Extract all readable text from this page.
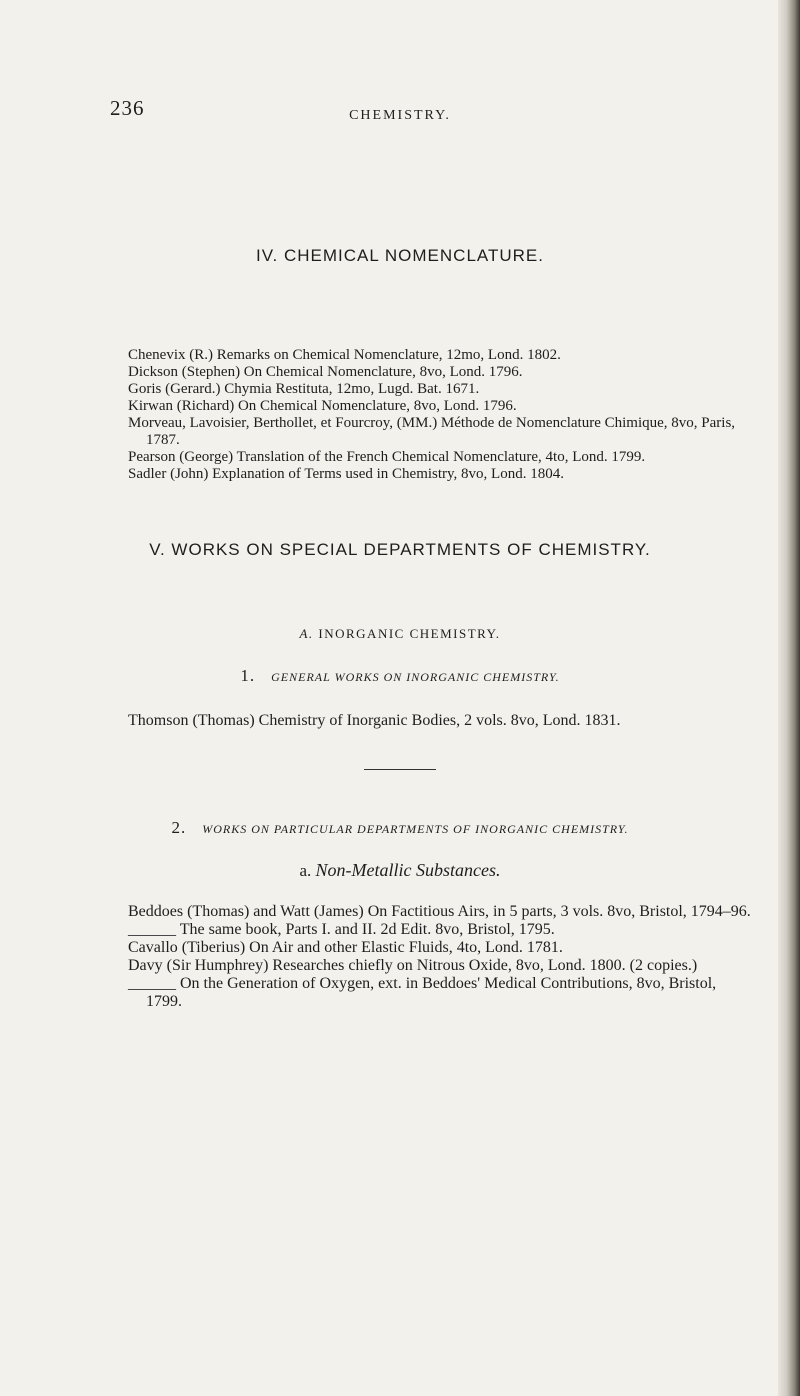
236	CHEMISTRY.
IV. CHEMICAL NOMENCLATURE.

Chenevix (R.) Remarks on Chemical Nomenclature, 12mo, Lond. 1802.

Dickson (Stephen) On Chemical Nomenclature, 8vo, Lond. 1796.

Goris (Gerard.) Chymia Restituta, 12mo, Lugd. Bat. 1671.

Kirwan (Richard) On Chemical Nomenclature, 8vo, Lond. 1796.

Morveau, Lavoisier, Berthollet, et Fourcroy, (MM.) Méthode de Nomenclature Chimique, 8vo, Paris, 1787.

Pearson (George) Translation of the French Chemical Nomenclature, 4to, Lond. 1799.

Sadler (John) Explanation of Terms used in Chemistry, 8vo, Lond. 1804.

V. WORKS ON SPECIAL DEPARTMENTS OF CHEMISTRY.
A. INORGANIC CHEMISTRY.
1. GENERAL WORKS ON INORGANIC CHEMISTRY.

Thomson (Thomas) Chemistry of Inorganic Bodies, 2 vols. 8vo, Lond. 1831.

2. WORKS ON PARTICULAR DEPARTMENTS OF INORGANIC CHEMISTRY.
a. Non-Metallic Substances.

Beddoes (Thomas) and Watt (James) On Factitious Airs, in 5 parts, 3 vols. 8vo, Bristol, 1794–96.

______ The same book, Parts I. and II. 2d Edit. 8vo, Bristol, 1795.

Cavallo (Tiberius) On Air and other Elastic Fluids, 4to, Lond. 1781.

Davy (Sir Humphrey) Researches chiefly on Nitrous Oxide, 8vo, Lond. 1800. (2 copies.)

______ On the Generation of Oxygen, ext. in Beddoes' Medical Contributions, 8vo, Bristol, 1799.
